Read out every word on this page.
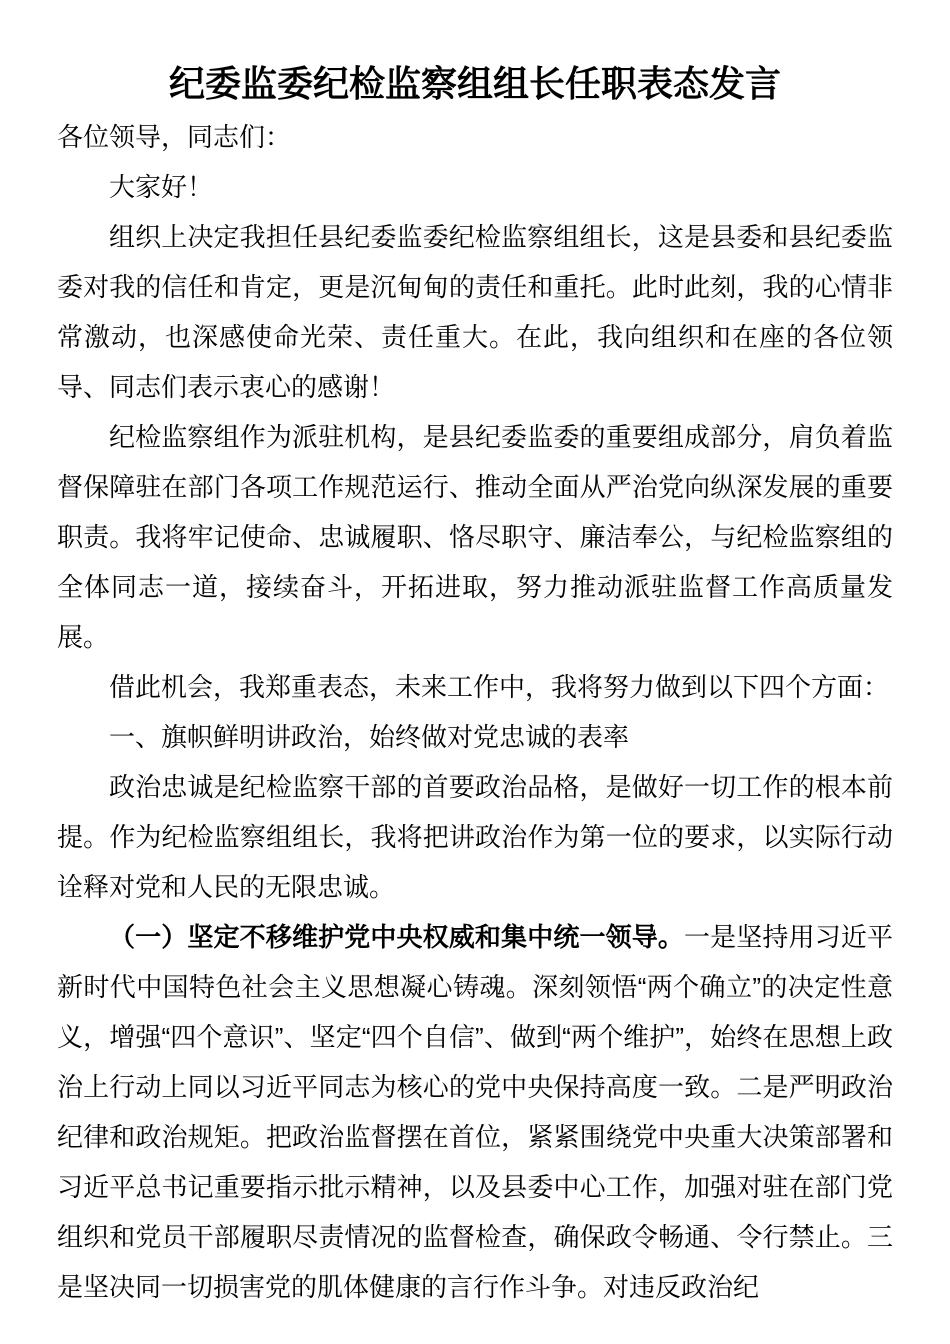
纪委监委纪检监察组组长任职表态发言

各位领导，同志们：

大家好！

组织上决定我担任县纪委监委纪检监察组组长，这是县委和县纪委监委对我的信任和肯定，更是沉甸甸的责任和重托。此时此刻，我的心情非常激动，也深感使命光荣、责任重大。在此，我向组织和在座的各位领导、同志们表示衷心的感谢！

纪检监察组作为派驻机构，是县纪委监委的重要组成部分，肩负着监督保障驻在部门各项工作规范运行、推动全面从严治党向纵深发展的重要职责。我将牢记使命、忠诚履职、恪尽职守、廉洁奉公，与纪检监察组的全体同志一道，接续奋斗，开拓进取，努力推动派驻监督工作高质量发展。

借此机会，我郑重表态，未来工作中，我将努力做到以下四个方面：

一、旗帜鲜明讲政治，始终做对党忠诚的表率

政治忠诚是纪检监察干部的首要政治品格，是做好一切工作的根本前提。作为纪检监察组组长，我将把讲政治作为第一位的要求，以实际行动诠释对党和人民的无限忠诚。

（一）坚定不移维护党中央权威和集中统一领导。一是坚持用习近平新时代中国特色社会主义思想凝心铸魂。深刻领悟“两个确立”的决定性意义，增强“四个意识”、坚定“四个自信”、做到“两个维护”，始终在思想上政治上行动上同以习近平同志为核心的党中央保持高度一致。二是严明政治纪律和政治规矩。把政治监督摆在首位，紧紧围绕党中央重大决策部署和习近平总书记重要指示批示精神，以及县委中心工作，加强对驻在部门党组织和党员干部履职尽责情况的监督检查，确保政令畅通、令行禁止。三是坚决同一切损害党的肌体健康的言行作斗争。对违反政治纪
